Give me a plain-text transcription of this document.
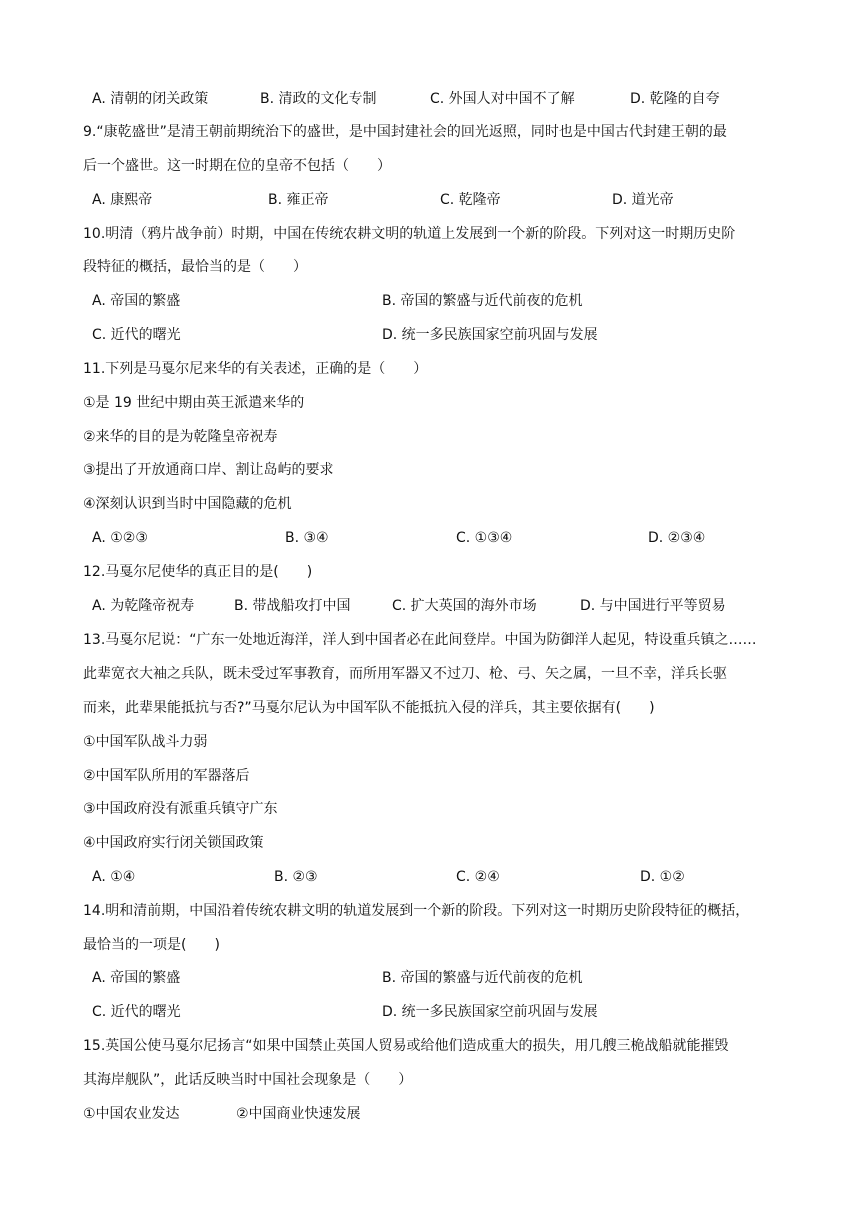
A. 清朝的闭关政策	B. 清政的文化专制	C. 外国人对中国不了解	D. 乾隆的自夸
9.“康乾盛世”是清王朝前期统治下的盛世，是中国封建社会的回光返照，同时也是中国古代封建王朝的最
后一个盛世。这一时期在位的皇帝不包括（　　）
A. 康熙帝	B. 雍正帝	C. 乾隆帝	D. 道光帝
10.明清（鸦片战争前）时期，中国在传统农耕文明的轨道上发展到一个新的阶段。下列对这一时期历史阶
段特征的概括，最恰当的是（　　）
A. 帝国的繁盛	B. 帝国的繁盛与近代前夜的危机
C. 近代的曙光	D. 统一多民族国家空前巩固与发展
11.下列是马戛尔尼来华的有关表述，正确的是（　　）
①是 19 世纪中期由英王派遣来华的
②来华的目的是为乾隆皇帝祝寿
③提出了开放通商口岸、割让岛屿的要求
④深刻认识到当时中国隐藏的危机
A. ①②③	B. ③④	C. ①③④	D. ②③④
12.马戛尔尼使华的真正目的是(　　)
A. 为乾隆帝祝寿	B. 带战船攻打中国	C. 扩大英国的海外市场	D. 与中国进行平等贸易
13.马戛尔尼说：“广东一处地近海洋，洋人到中国者必在此间登岸。中国为防御洋人起见，特设重兵镇之……
此辈宽衣大袖之兵队，既未受过军事教育，而所用军器又不过刀、枪、弓、矢之属，一旦不幸，洋兵长驱
而来，此辈果能抵抗与否?”马戛尔尼认为中国军队不能抵抗入侵的洋兵，其主要依据有(　　)
①中国军队战斗力弱
②中国军队所用的军器落后
③中国政府没有派重兵镇守广东
④中国政府实行闭关锁国政策
A. ①④	B. ②③	C. ②④	D. ①②
14.明和清前期，中国沿着传统农耕文明的轨道发展到一个新的阶段。下列对这一时期历史阶段特征的概括，
最恰当的一项是(　　)
A. 帝国的繁盛	B. 帝国的繁盛与近代前夜的危机
C. 近代的曙光	D. 统一多民族国家空前巩固与发展
15.英国公使马戛尔尼扬言“如果中国禁止英国人贸易或给他们造成重大的损失，用几艘三桅战船就能摧毁
其海岸舰队”，此话反映当时中国社会现象是（　　）
①中国农业发达	②中国商业快速发展
